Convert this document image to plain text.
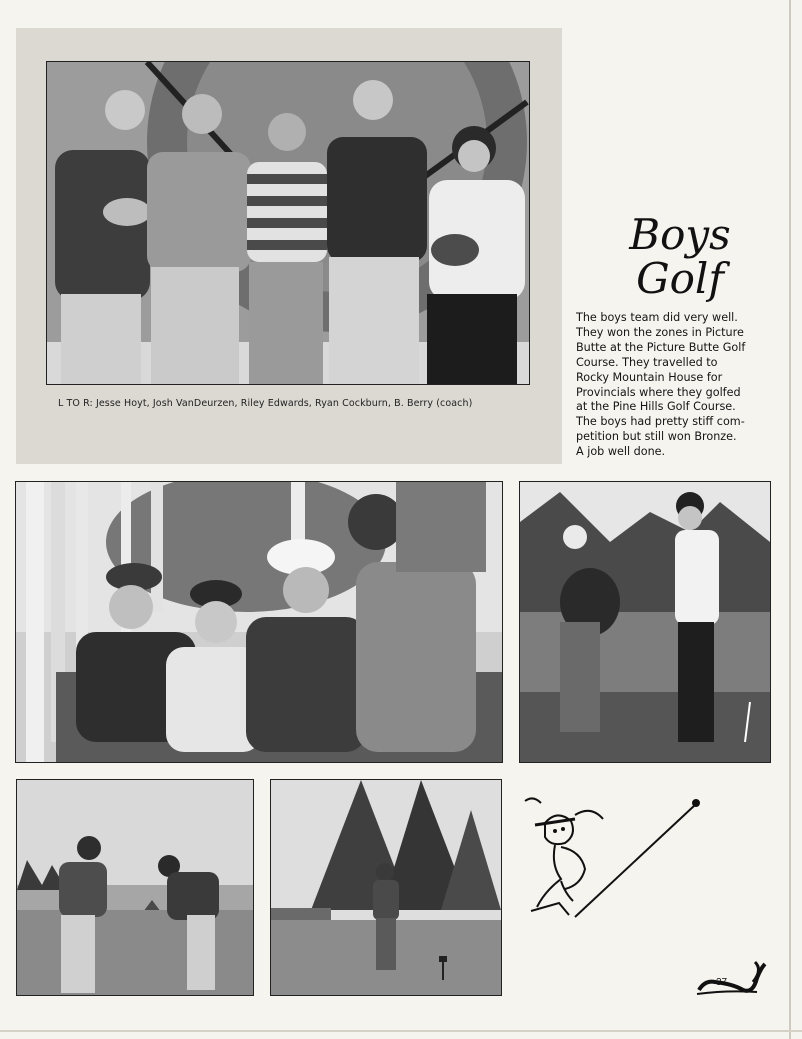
L TO R: Jesse Hoyt, Josh VanDeurzen, Riley Edwards, Ryan Cockburn, B. Berry (coach)
Boys
Golf
The boys team did very well.
They won the zones in Picture
Butte at the Picture Butte Golf
Course. They travelled to
Rocky Mountain House for
Provincials where they golfed
at the Pine Hills Golf Course.
The boys had pretty stiff com-
petition but still won Bronze.
A job well done.
37
